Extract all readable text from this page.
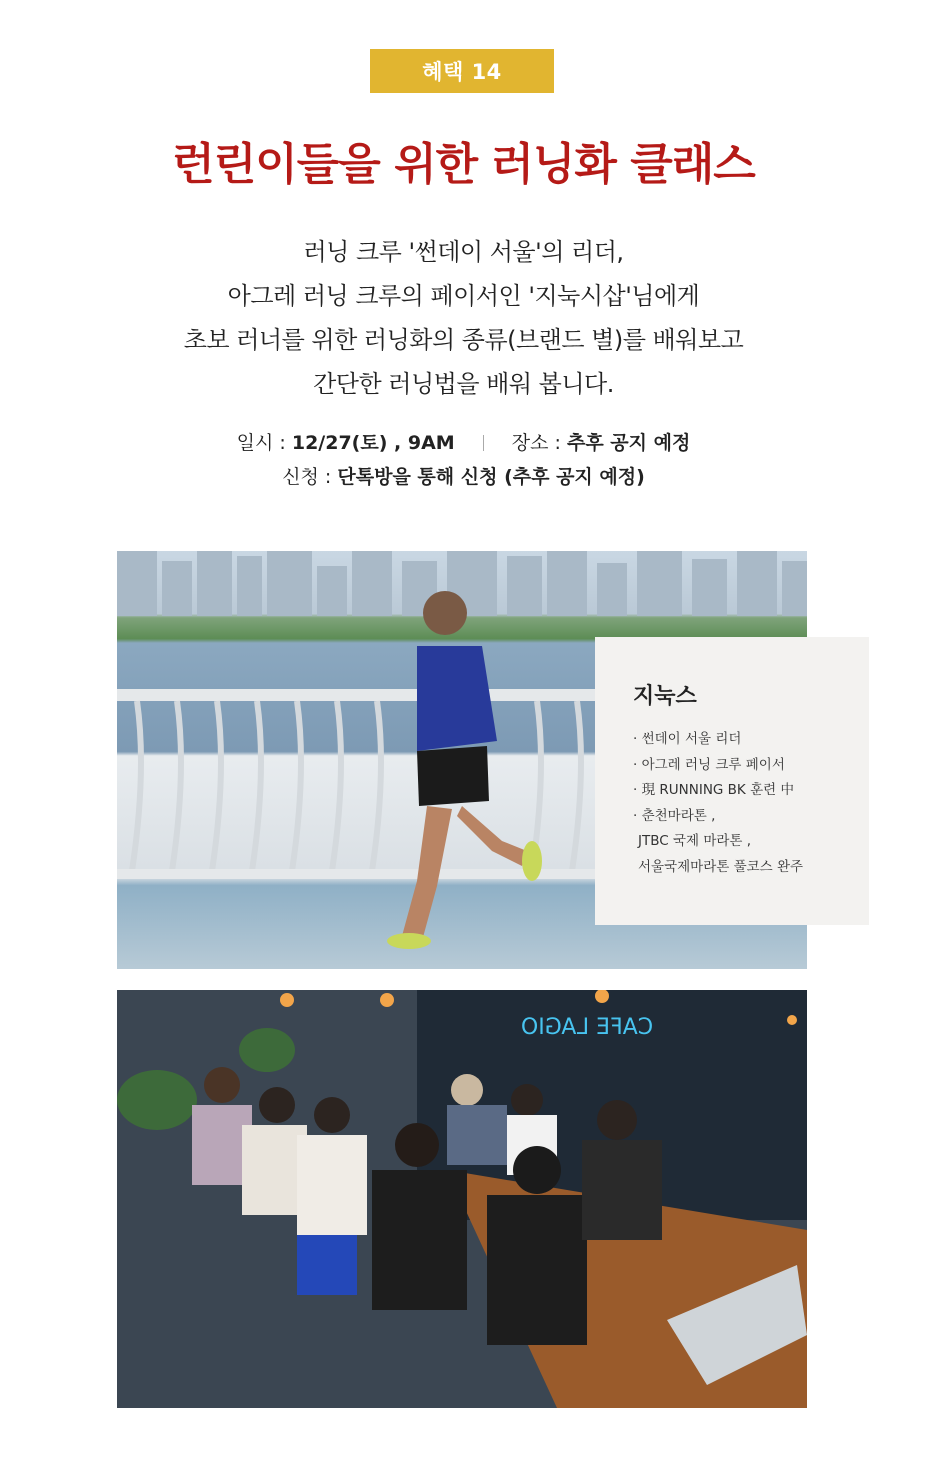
혜택 14
런린이들을 위한 러닝화 클래스
러닝 크루 '썬데이 서울'의 리더,
아그레 러닝 크루의 페이서인 '지눅시삽'님에게
초보 러너를 위한 러닝화의 종류(브랜드 별)를 배워보고
간단한 러닝법을 배워 봅니다.
일시 : 12/27(토) , 9AM	장소 : 추후 공지 예정
신청 : 단톡방을 통해 신청 (추후 공지 예정)
지눅스
· 썬데이 서울 리더
· 아그레 러닝 크루 페이서
· 現 RUNNING BK 훈련 中
· 춘천마라톤 ,
JTBC 국제 마라톤 ,
서울국제마라톤 풀코스 완주
CAFE LAGIO
